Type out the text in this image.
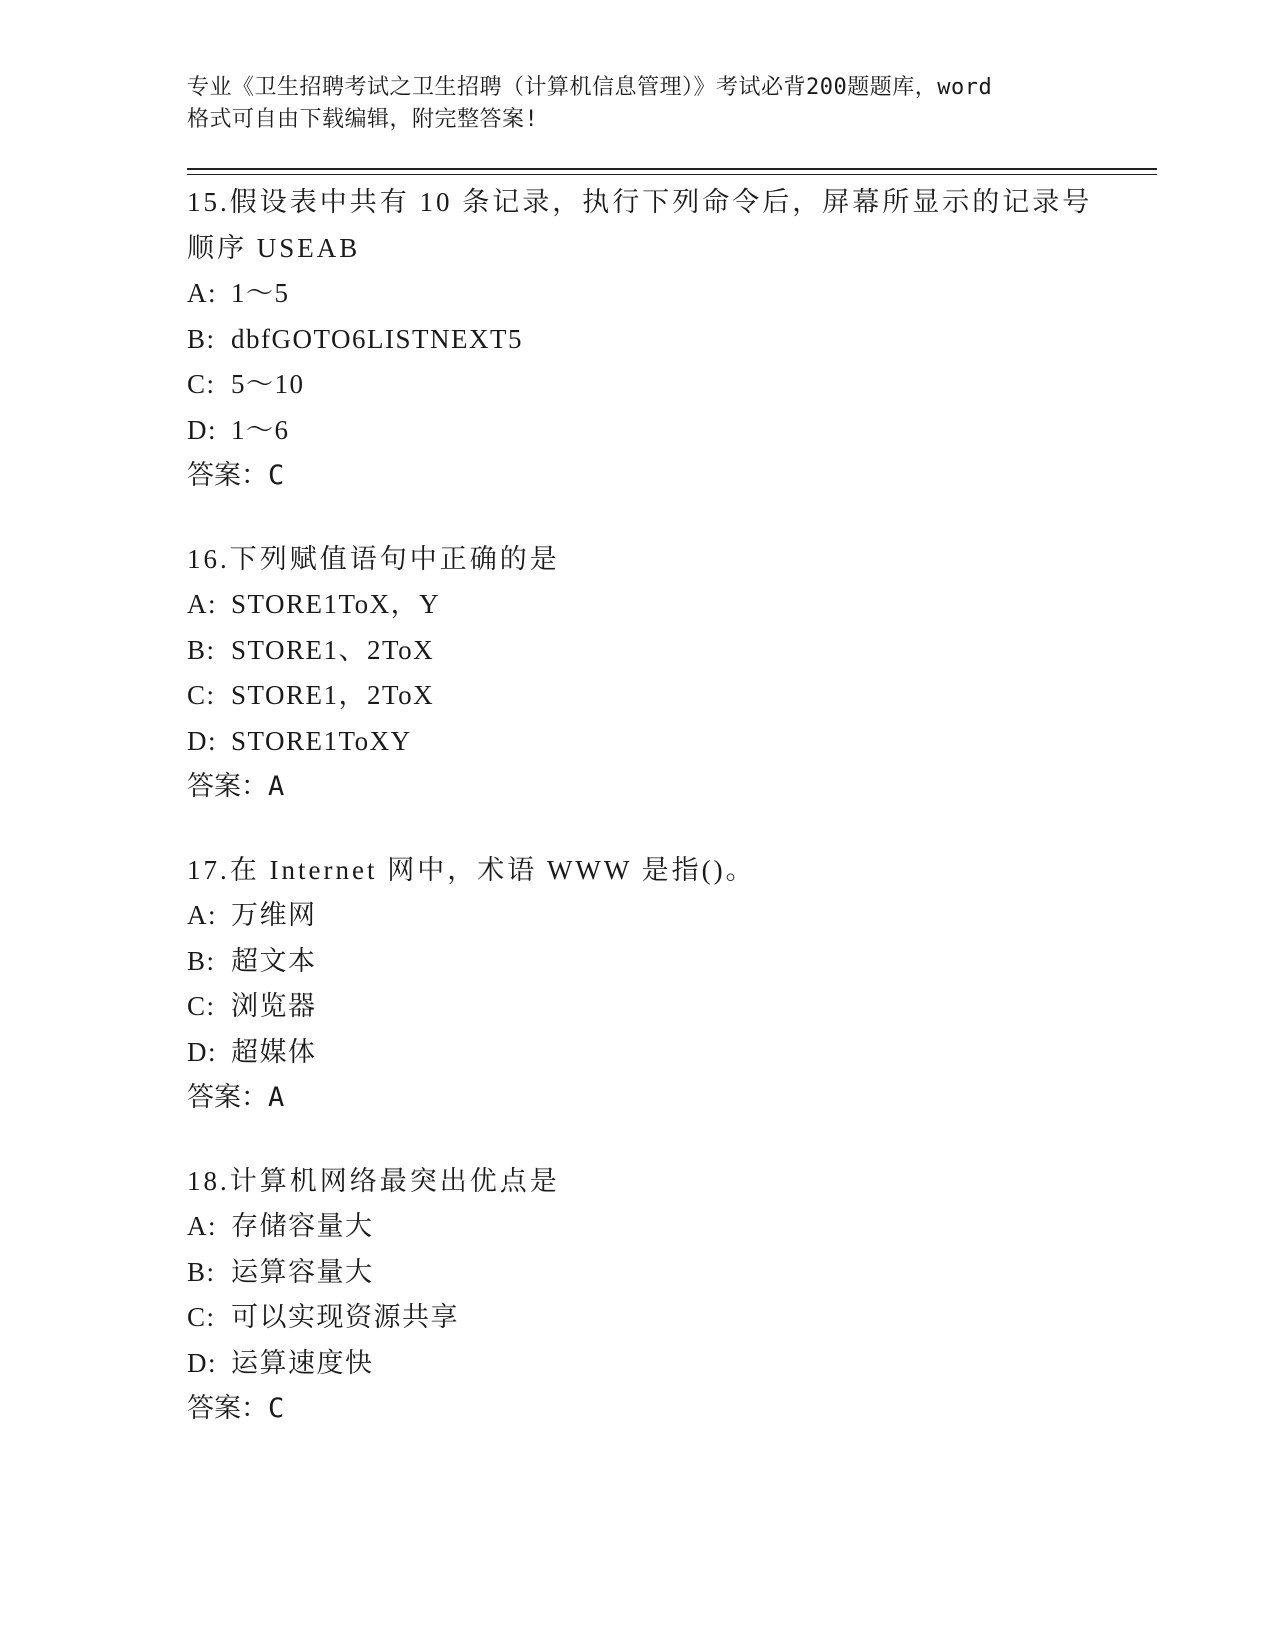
专业《卫生招聘考试之卫生招聘（计算机信息管理）》考试必背200题题库，word
格式可自由下载编辑，附完整答案!
15.假设表中共有 10 条记录，执行下列命令后，屏幕所显示的记录号
顺序 USEAB
A: 1～5
B: dbfGOTO6LISTNEXT5
C: 5～10
D: 1～6
答案：C
16.下列赋值语句中正确的是
A: STORE1ToX，Y
B: STORE1、2ToX
C: STORE1，2ToX
D: STORE1ToXY
答案：A
17.在 Internet 网中，术语 WWW 是指()。
A: 万维网
B: 超文本
C: 浏览器
D: 超媒体
答案：A
18.计算机网络最突出优点是
A: 存储容量大
B: 运算容量大
C: 可以实现资源共享
D: 运算速度快
答案：C
